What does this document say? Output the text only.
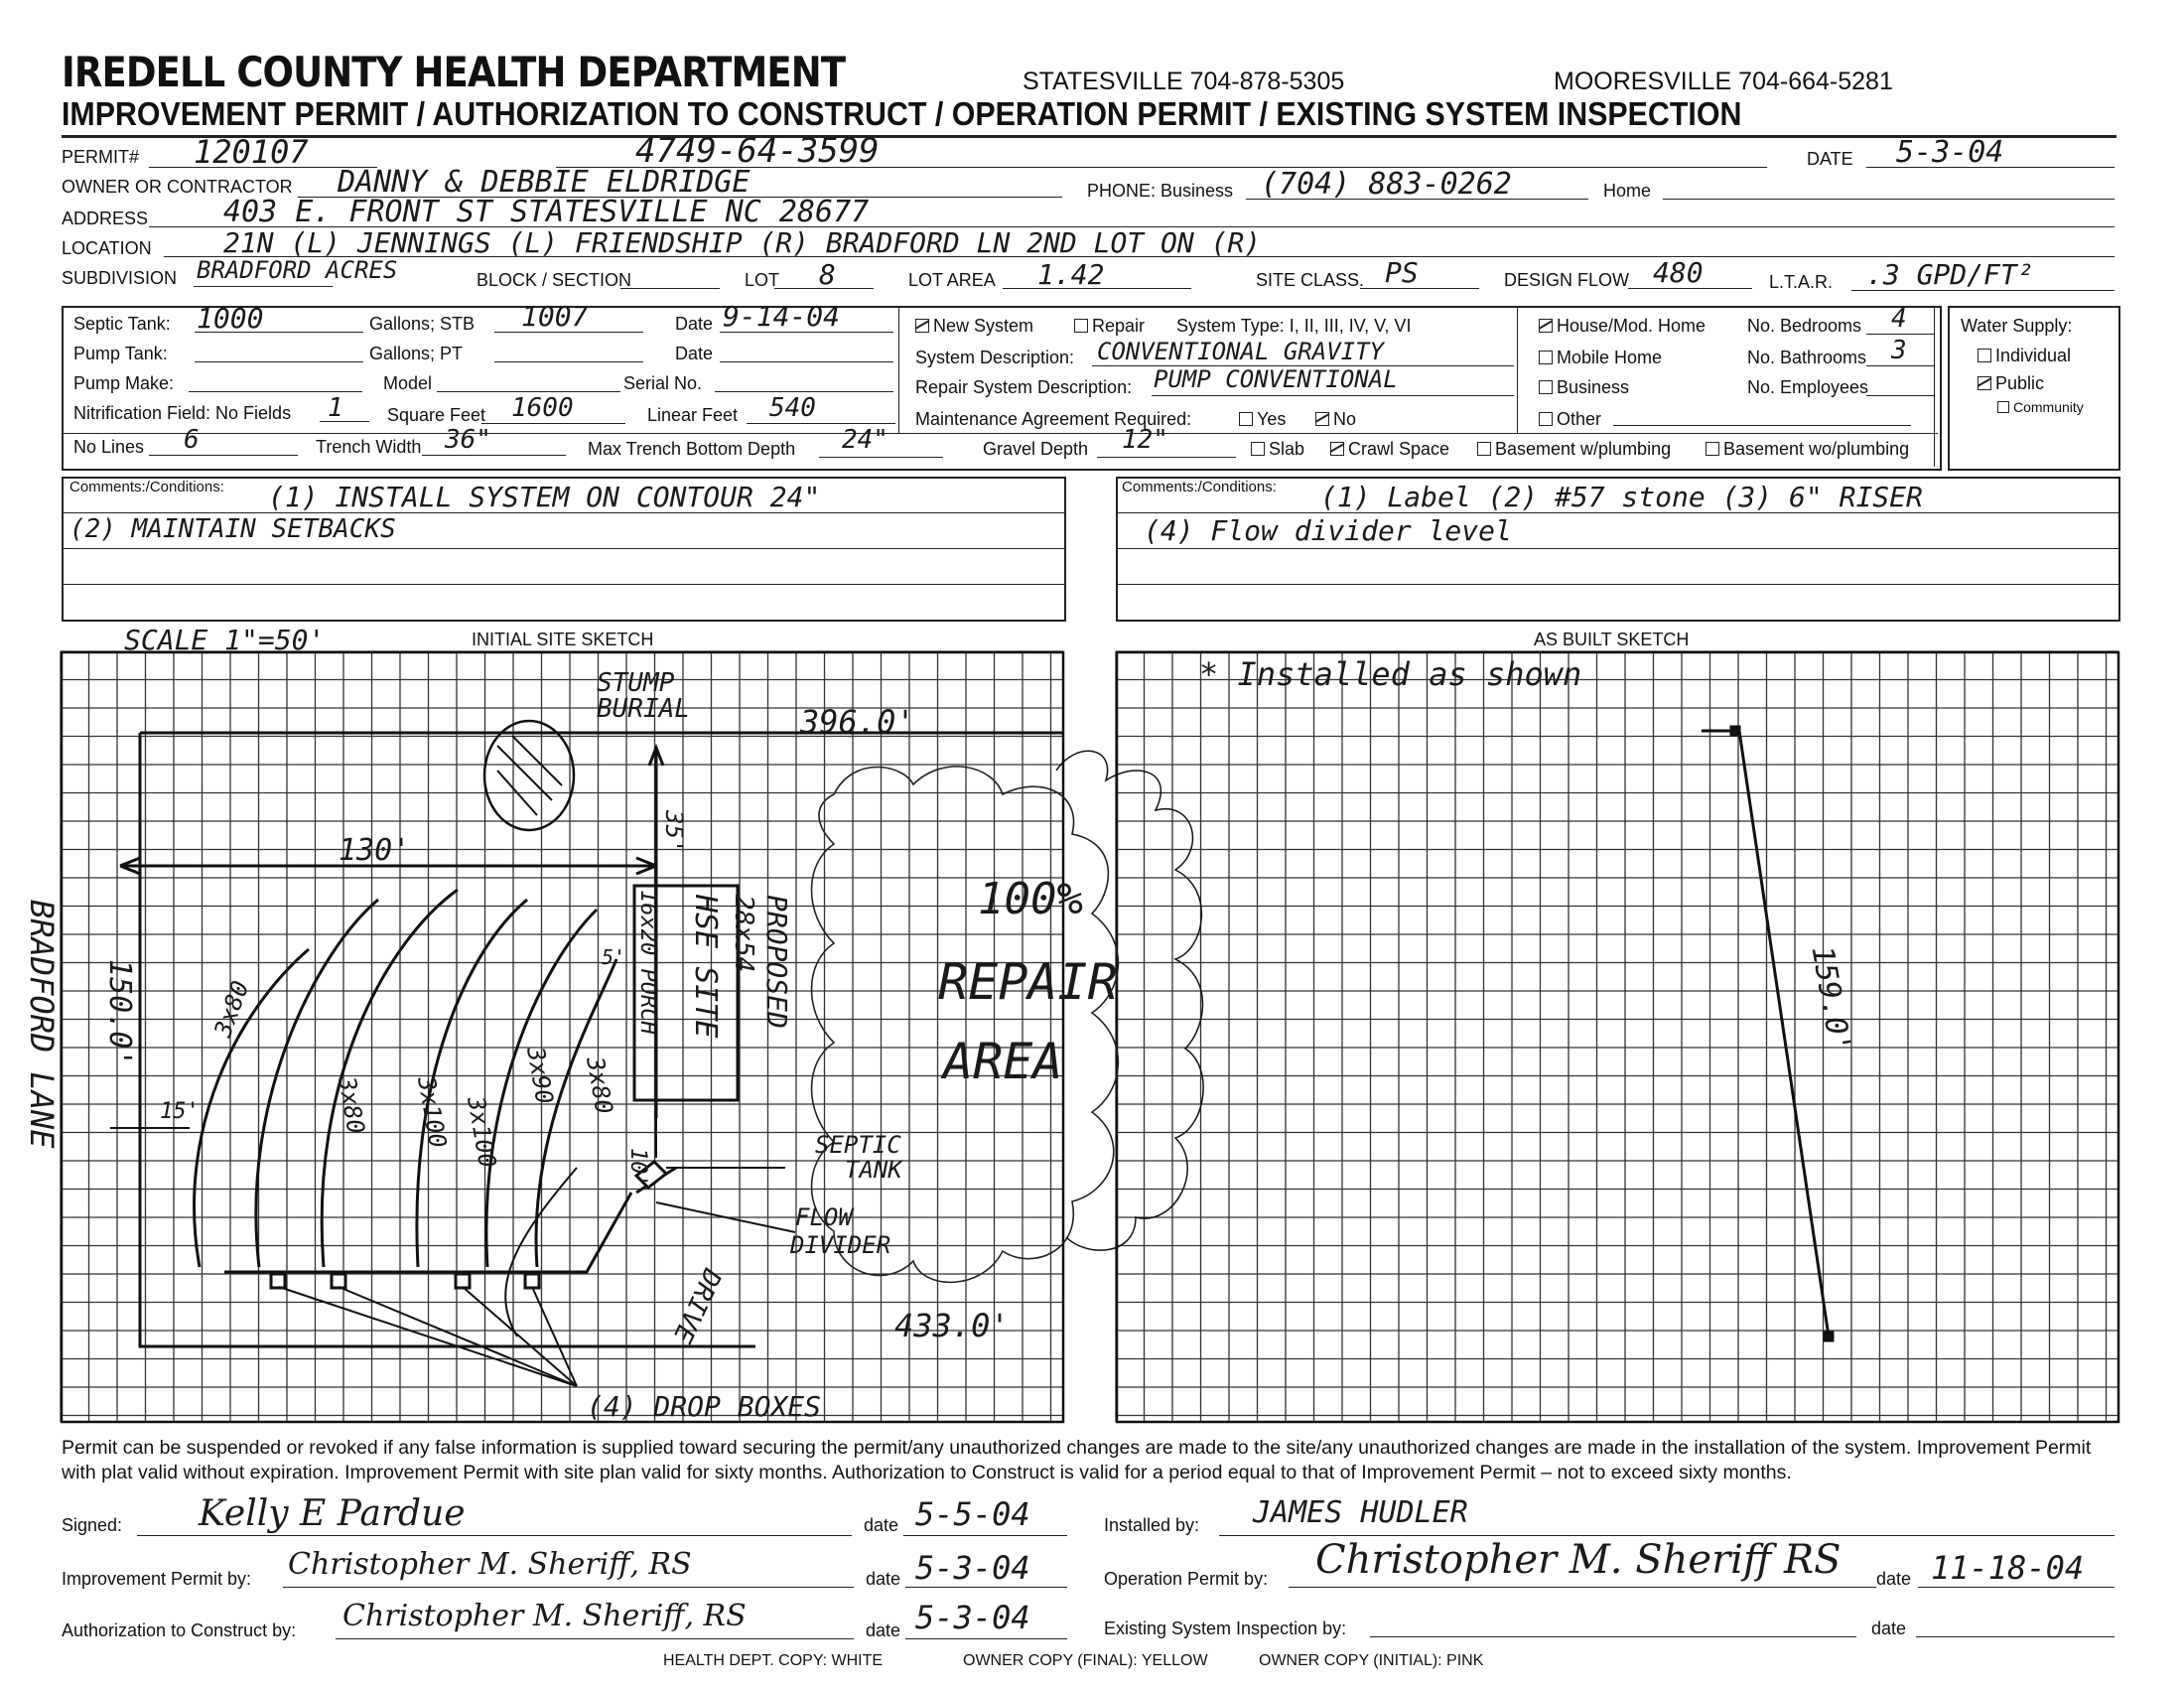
IREDELL COUNTY HEALTH DEPARTMENT	STATESVILLE 704-878-5305	MOORESVILLE 704-664-5281
IMPROVEMENT PERMIT / AUTHORIZATION TO CONSTRUCT / OPERATION PERMIT / EXISTING SYSTEM INSPECTION
PERMIT# 120107	4749-64-3599	DATE 5-3-04
OWNER OR CONTRACTOR DANNY & DEBBIE ELDRIDGE	PHONE: Business (704) 883-0262	Home
ADDRESS	403 E. FRONT ST STATESVILLE NC 28677
LOCATION	21N (L) JENNINGS (L) FRIENDSHIP (R) BRADFORD LN 2ND LOT ON (R)
SUBDIVISION BRADFORD ACRES	BLOCK / SECTION	LOT 8	LOT AREA 1.42	SITE CLASS. PS	DESIGN FLOW 480	L.T.A.R. .3 GPD/FT²
Septic Tank: 1000	Gallons; STB 1007	Date 9-14-04
Pump Tank:	Gallons; PT	Date
Pump Make:	Model	Serial No.
Nitrification Field: No Fields 1 Square Feet 1600	Linear Feet 540
No Lines 6	Trench Width 36"	Max Trench Bottom Depth 24"	Gravel Depth 12"
New System	Repair System Type: I, II, III, IV, V, VI
System Description: CONVENTIONAL GRAVITY
Repair System Description: PUMP CONVENTIONAL
Maintenance Agreement Required:	Yes	No
Slab	Crawl Space	Basement w/plumbing	Basement wo/plumbing
House/Mod. Home
Mobile Home
Business
Other
No. Bedrooms 4
No. Bathrooms 3
No. Employees
Water Supply:
Individual
Public
Community
Comments:/Conditions: (1) INSTALL SYSTEM ON CONTOUR 24"
(2) MAINTAIN SETBACKS
Comments:/Conditions: (1) Label (2) #57 stone (3) 6" RISER
(4) Flow divider level
SCALE 1"=50'	INITIAL SITE SKETCH	AS BUILT SKETCH
STUMP
BURIAL	396.0'
130'	35'
150.0'
15'
10'
433.0'
BRADFORD LANE	PROPOSED
28x54
HSE SITE
16x20 PORCH
SEPTIC
TANK
FLOW
DIVIDER
DRIVE
(4) DROP BOXES
3x80
3x80 3x100 3x100
3x90 3x80
5'
Permit can be suspended or revoked if any false information is supplied toward securing the permit/any unauthorized changes are made to the site/any unauthorized changes are made in the installation of the system. Improvement Permit with plat valid without expiration. Improvement Permit with site plan valid for sixty months. Authorization to Construct is valid for a period equal to that of Improvement Permit – not to exceed sixty months.
Signed: Kelly E Pardue	date 5-5-04	Installed by: JAMES HUDLER
Improvement Permit by: Christopher M. Sheriff, RS	date 5-3-04	Operation Permit by: Christopher M. Sheriff RS date 11-18-04
Authorization to Construct by: Christopher M. Sheriff, RS	date 5-3-04	Existing System Inspection by:	date
HEALTH DEPT. COPY: WHITE	OWNER COPY (FINAL): YELLOW	OWNER COPY (INITIAL): PINK
100%
REPAIR
AREA
* Installed as shown
159.0'
